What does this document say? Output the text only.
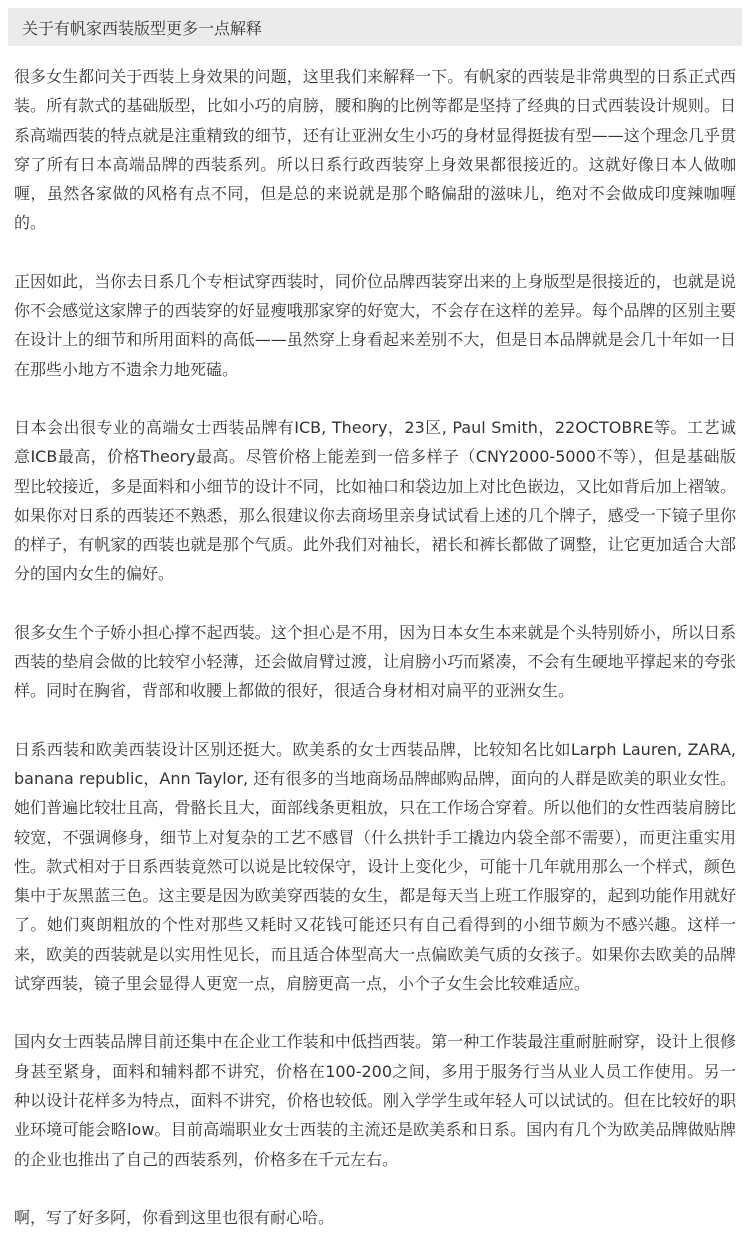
关于有帆家西装版型更多一点解释

很多女生都问关于西装上身效果的问题，这里我们来解释一下。有帆家的西装是非常典型的日系正式西装。所有款式的基础版型，比如小巧的肩膀，腰和胸的比例等都是坚持了经典的日式西装设计规则。日系高端西装的特点就是注重精致的细节，还有让亚洲女生小巧的身材显得挺拔有型——这个理念几乎贯穿了所有日本高端品牌的西装系列。所以日系行政西装穿上身效果都很接近的。这就好像日本人做咖喱，虽然各家做的风格有点不同，但是总的来说就是那个略偏甜的滋味儿，绝对不会做成印度辣咖喱的。

正因如此，当你去日系几个专柜试穿西装时，同价位品牌西装穿出来的上身版型是很接近的，也就是说你不会感觉这家牌子的西装穿的好显瘦哦那家穿的好宽大，不会存在这样的差异。每个品牌的区别主要在设计上的细节和所用面料的高低——虽然穿上身看起来差别不大，但是日本品牌就是会几十年如一日在那些小地方不遗余力地死磕。

日本会出很专业的高端女士西装品牌有ICB, Theory，23区, Paul Smith，22OCTOBRE等。工艺诚意ICB最高，价格Theory最高。尽管价格上能差到一倍多样子（CNY2000-5000不等），但是基础版型比较接近，多是面料和小细节的设计不同，比如袖口和袋边加上对比色嵌边，又比如背后加上褶皱。如果你对日系的西装还不熟悉，那么很建议你去商场里亲身试试看上述的几个牌子，感受一下镜子里你的样子，有帆家的西装也就是那个气质。此外我们对袖长，裙长和裤长都做了调整，让它更加适合大部分的国内女生的偏好。

很多女生个子娇小担心撑不起西装。这个担心是不用，因为日本女生本来就是个头特别娇小，所以日系西装的垫肩会做的比较窄小轻薄，还会做肩臂过渡，让肩膀小巧而紧凑，不会有生硬地平撑起来的夸张样。同时在胸省，背部和收腰上都做的很好，很适合身材相对扁平的亚洲女生。

日系西装和欧美西装设计区别还挺大。欧美系的女士西装品牌，比较知名比如Larph Lauren, ZARA, banana republic，Ann Taylor, 还有很多的当地商场品牌邮购品牌，面向的人群是欧美的职业女性。她们普遍比较壮且高，骨骼长且大，面部线条更粗放，只在工作场合穿着。所以他们的女性西装肩膀比较宽，不强调修身，细节上对复杂的工艺不感冒（什么拱针手工撬边内袋全部不需要），而更注重实用性。款式相对于日系西装竟然可以说是比较保守，设计上变化少，可能十几年就用那么一个样式，颜色集中于灰黑蓝三色。这主要是因为欧美穿西装的女生，都是每天当上班工作服穿的，起到功能作用就好了。她们爽朗粗放的个性对那些又耗时又花钱可能还只有自己看得到的小细节颇为不感兴趣。这样一来，欧美的西装就是以实用性见长，而且适合体型高大一点偏欧美气质的女孩子。如果你去欧美的品牌试穿西装，镜子里会显得人更宽一点，肩膀更高一点，小个子女生会比较难适应。

国内女士西装品牌目前还集中在企业工作装和中低挡西装。第一种工作装最注重耐脏耐穿，设计上很修身甚至紧身，面料和辅料都不讲究，价格在100-200之间，多用于服务行当从业人员工作使用。另一种以设计花样多为特点，面料不讲究，价格也较低。刚入学学生或年轻人可以试试的。但在比较好的职业环境可能会略low。目前高端职业女士西装的主流还是欧美系和日系。国内有几个为欧美品牌做贴牌的企业也推出了自己的西装系列，价格多在千元左右。

啊，写了好多阿，你看到这里也很有耐心哈。
